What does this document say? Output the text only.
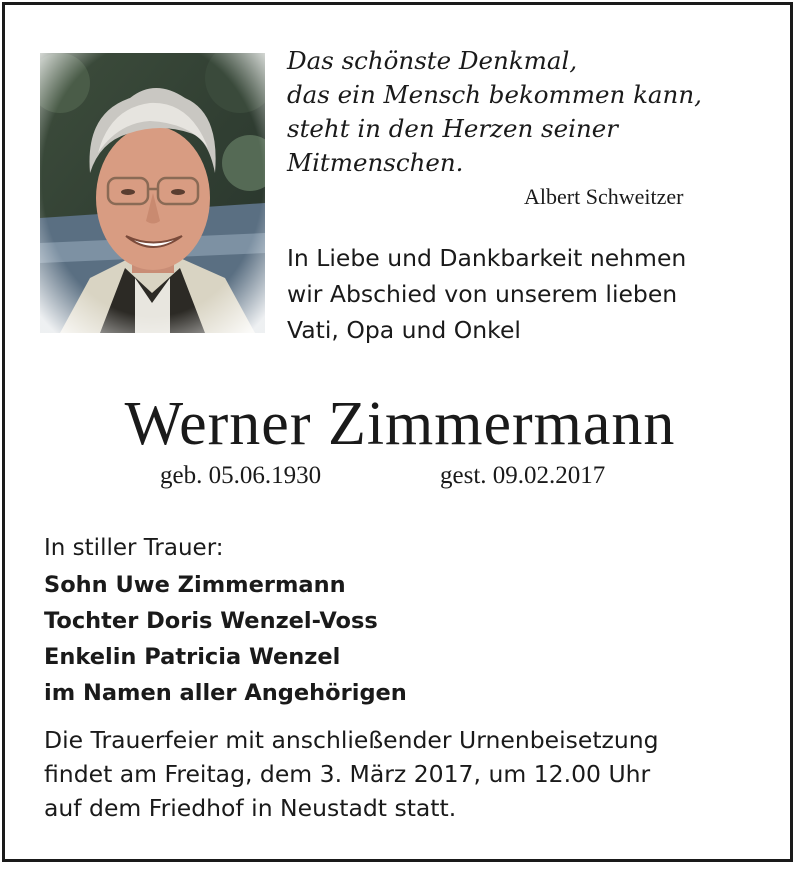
Das schönste Denkmal,
das ein Mensch bekommen kann,
steht in den Herzen seiner
Mitmenschen.
Albert Schweitzer
In Liebe und Dankbarkeit nehmen
wir Abschied von unserem lieben
Vati, Opa und Onkel
Werner Zimmermann
geb. 05.06.1930	gest. 09.02.2017
In stiller Trauer:
Sohn Uwe Zimmermann
Tochter Doris Wenzel-Voss
Enkelin Patricia Wenzel
im Namen aller Angehörigen
Die Trauerfeier mit anschließender Urnenbeisetzung
findet am Freitag, dem 3. März 2017, um 12.00 Uhr
auf dem Friedhof in Neustadt statt.
